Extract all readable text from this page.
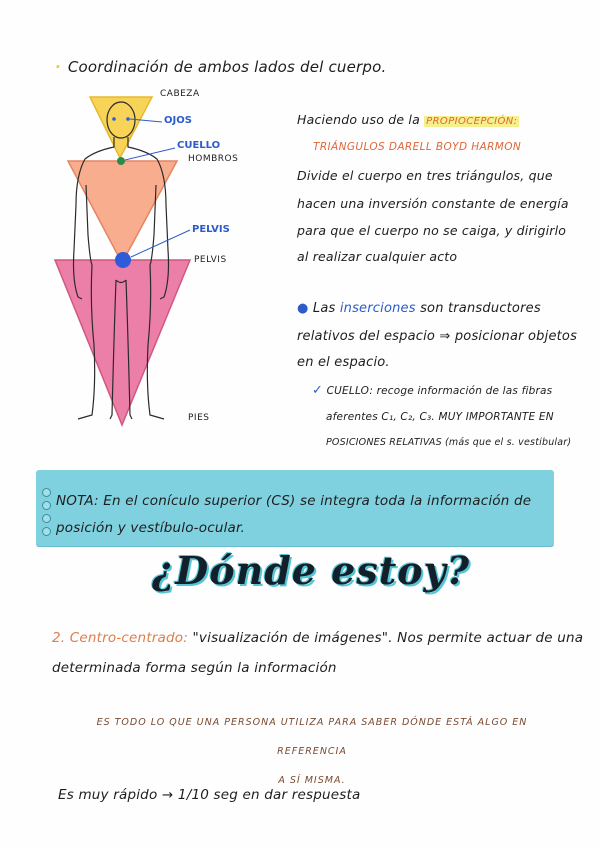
· Coordinación de ambos lados del cuerpo.
CABEZA
OJOS
CUELLO
HOMBROS
PELVIS
PELVIS
PIES
Haciendo uso de la PROPIOCEPCIÓN:
TRIÁNGULOS DARELL BOYD HARMON
Divide el cuerpo en tres triángulos, que
hacen una inversión constante de energía
para que el cuerpo no se caiga, y dirigirlo
al realizar cualquier acto
● Las inserciones son transductores
relativos del espacio ⇒ posicionar objetos
en el espacio.
✓ CUELLO: recoge información de las fibras
aferentes C₁, C₂, C₃. MUY IMPORTANTE EN
POSICIONES RELATIVAS (más que el s. vestibular)
NOTA: En el conículo superior (CS) se integra toda la información de posición y vestíbulo-ocular.
¿Dónde estoy?
2. Centro-centrado: "visualización de imágenes". Nos permite actuar de una determinada forma según la información
ES TODO LO QUE UNA PERSONA UTILIZA PARA SABER DÓNDE ESTÁ ALGO EN REFERENCIA
A SÍ MISMA.
Es muy rápido → 1/10 seg en dar respuesta
